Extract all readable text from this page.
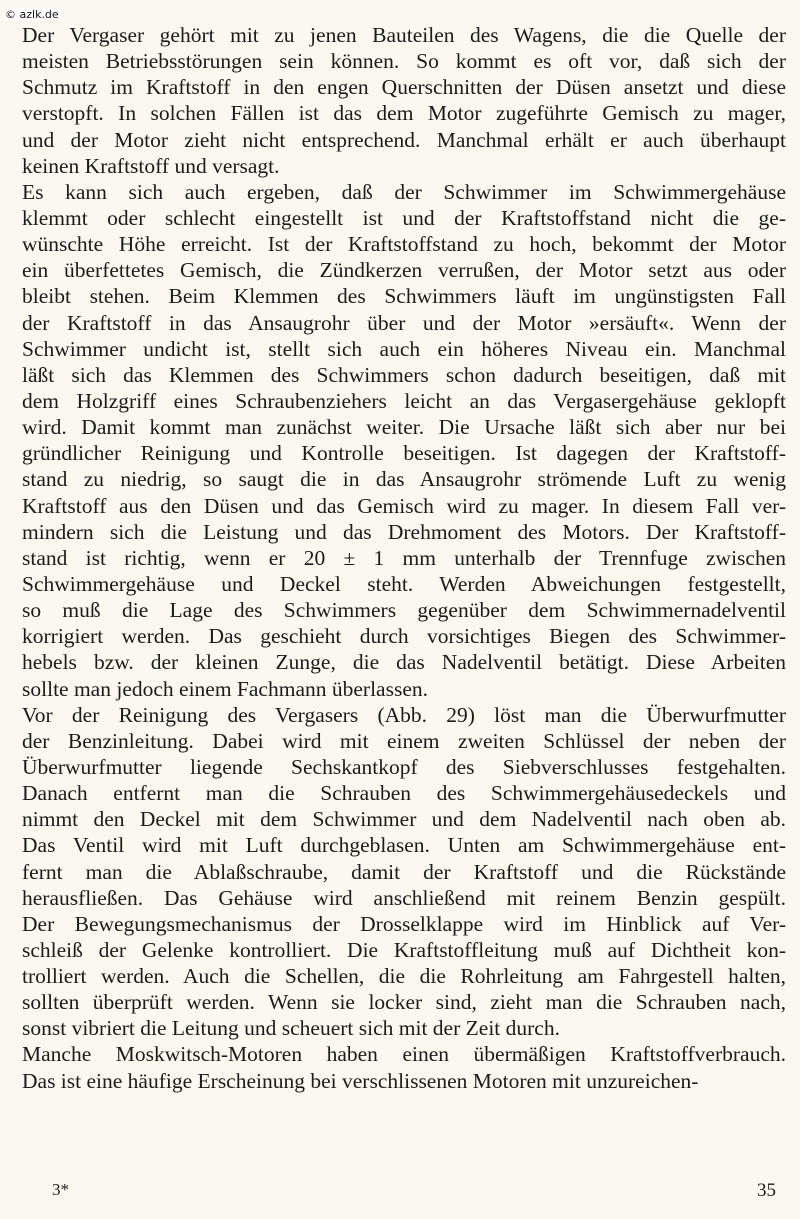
© azlk.de
Der Vergaser gehört mit zu jenen Bauteilen des Wagens, die die Quelle der
meisten Betriebsstörungen sein können. So kommt es oft vor, daß sich der
Schmutz im Kraftstoff in den engen Querschnitten der Düsen ansetzt und diese
verstopft. In solchen Fällen ist das dem Motor zugeführte Gemisch zu mager,
und der Motor zieht nicht entsprechend. Manchmal erhält er auch überhaupt
keinen Kraftstoff und versagt.
Es kann sich auch ergeben, daß der Schwimmer im Schwimmergehäuse
klemmt oder schlecht eingestellt ist und der Kraftstoffstand nicht die ge-
wünschte Höhe erreicht. Ist der Kraftstoffstand zu hoch, bekommt der Motor
ein überfettetes Gemisch, die Zündkerzen verrußen, der Motor setzt aus oder
bleibt stehen. Beim Klemmen des Schwimmers läuft im ungünstigsten Fall
der Kraftstoff in das Ansaugrohr über und der Motor »ersäuft«. Wenn der
Schwimmer undicht ist, stellt sich auch ein höheres Niveau ein. Manchmal
läßt sich das Klemmen des Schwimmers schon dadurch beseitigen, daß mit
dem Holzgriff eines Schraubenziehers leicht an das Vergasergehäuse geklopft
wird. Damit kommt man zunächst weiter. Die Ursache läßt sich aber nur bei
gründlicher Reinigung und Kontrolle beseitigen. Ist dagegen der Kraftstoff-
stand zu niedrig, so saugt die in das Ansaugrohr strömende Luft zu wenig
Kraftstoff aus den Düsen und das Gemisch wird zu mager. In diesem Fall ver-
mindern sich die Leistung und das Drehmoment des Motors. Der Kraftstoff-
stand ist richtig, wenn er 20 ± 1 mm unterhalb der Trennfuge zwischen
Schwimmergehäuse und Deckel steht. Werden Abweichungen festgestellt,
so muß die Lage des Schwimmers gegenüber dem Schwimmernadelventil
korrigiert werden. Das geschieht durch vorsichtiges Biegen des Schwimmer-
hebels bzw. der kleinen Zunge, die das Nadelventil betätigt. Diese Arbeiten
sollte man jedoch einem Fachmann überlassen.
Vor der Reinigung des Vergasers (Abb. 29) löst man die Überwurfmutter
der Benzinleitung. Dabei wird mit einem zweiten Schlüssel der neben der
Überwurfmutter liegende Sechskantkopf des Siebverschlusses festgehalten.
Danach entfernt man die Schrauben des Schwimmergehäusedeckels und
nimmt den Deckel mit dem Schwimmer und dem Nadelventil nach oben ab.
Das Ventil wird mit Luft durchgeblasen. Unten am Schwimmergehäuse ent-
fernt man die Ablaßschraube, damit der Kraftstoff und die Rückstände
herausfließen. Das Gehäuse wird anschließend mit reinem Benzin gespült.
Der Bewegungsmechanismus der Drosselklappe wird im Hinblick auf Ver-
schleiß der Gelenke kontrolliert. Die Kraftstoffleitung muß auf Dichtheit kon-
trolliert werden. Auch die Schellen, die die Rohrleitung am Fahrgestell halten,
sollten überprüft werden. Wenn sie locker sind, zieht man die Schrauben nach,
sonst vibriert die Leitung und scheuert sich mit der Zeit durch.
Manche Moskwitsch-Motoren haben einen übermäßigen Kraftstoffverbrauch.
Das ist eine häufige Erscheinung bei verschlissenen Motoren mit unzureichen-
3*	35
